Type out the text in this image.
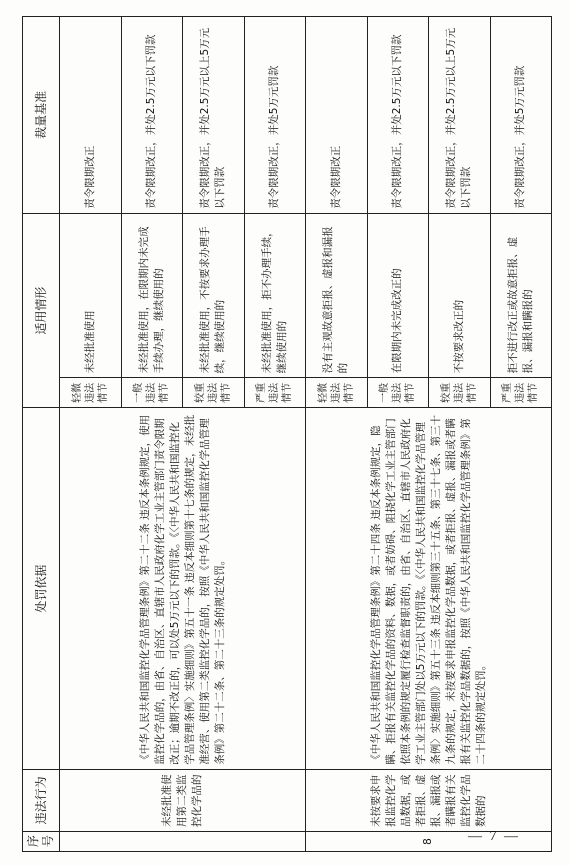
序号	违法行为	处罚依据	适用情形		裁量基准
	未经批准使用第二类监控化学品的	《中华人民共和国监控化学品管理条例》第二十二条 违反本条例规定，使用监控化学品的，由省、自治区、直辖市人民政府化学工业主管部门责令限期改正；逾期不改正的，可以处5万元以下的罚款。《〈中华人民共和国监控化学品管理条例〉实施细则》第五十一条 违反本细则第十七条的规定，未经批准经营、使用第二类监控化学品的，按照《中华人民共和国监控化学品管理条例》第二十二条、第二十三条的规定处罚。	轻微违法情节	未经批准使用	责令限期改正
			一般违法情节	未经批准使用，在限期内未完成手续办理，继续使用的	责令限期改正，并处2.5万元以下罚款
			较重违法情节	未经批准使用，不按要求办理手续，继续使用的	责令限期改正，并处2.5万元以上5万元以下罚款
			严重违法情节	未经批准使用，拒不办理手续，继续使用的	责令限期改正，并处5万元罚款
8	未按要求申报监控化学品数据，或者拒报、虚报、漏报或者瞒报有关监控化学品数据的	《中华人民共和国监控化学品管理条例》第二十四条 违反本条例规定，隐瞒、拒报有关监控化学品的资料、数据，或者妨碍、阻挠化学工业主管部门依照本条例的规定履行检查监督职责的，由省、自治区、直辖市人民政府化学工业主管部门处以5万元以下的罚款。《〈中华人民共和国监控化学品管理条例〉实施细则》第五十三条 违反本细则第三十五条、第三十七条、第三十九条的规定，未按要求申报监控化学品数据，或者拒报、虚报、漏报或者瞒报有关监控化学品数据的，按照《中华人民共和国监控化学品管理条例》第二十四条的规定处罚。	轻微违法情节	没有主观故意拒报、虚报和漏报的	责令限期改正
			一般违法情节	在限期内未完成改正的	责令限期改正，并处2.5万元以下罚款
			较重违法情节	不按要求改正的	责令限期改正，并处2.5万元以上5万元以下罚款
			严重违法情节	拒不进行改正或故意拒报、虚报、漏报和瞒报的	责令限期改正，并处5万元罚款
— 7 —
